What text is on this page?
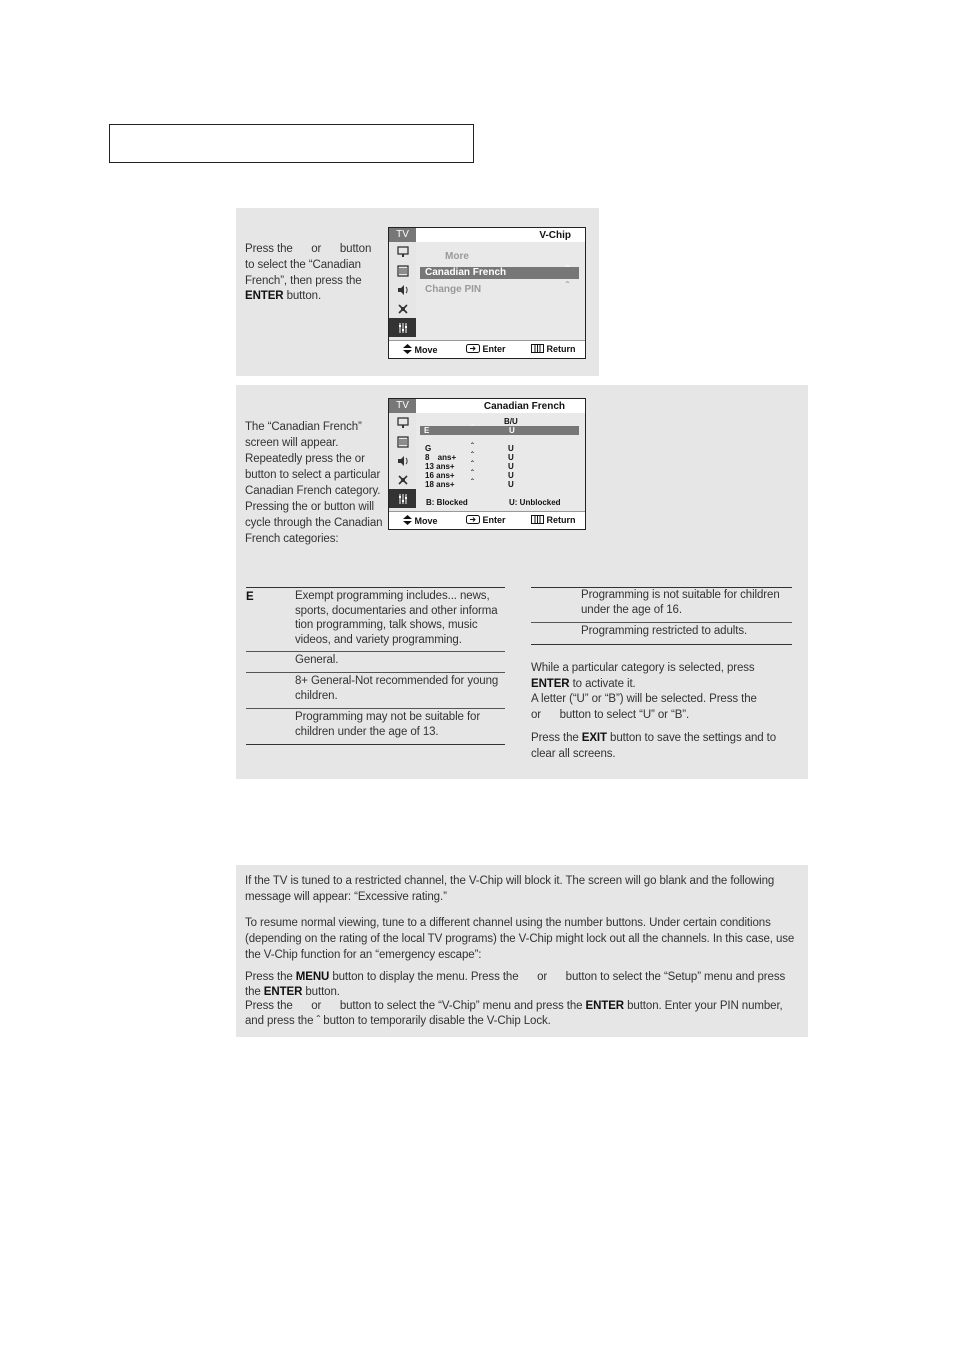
Press the or button to select the “Canadian French”, then press the ENTER button.
TV	V-Chip
More
Canadian French	ˆ
Change PIN	ˆ
Move	Enter	Return
The “Canadian French” screen will appear. Repeatedly press the or button to select a particular Canadian French category. Pressing the or button will cycle through the Canadian French categories:
TV	Canadian French
B/U
E	ˆ	U
G	ˆ	U
8 ans+ ˆ	U
13 ans+ ˆ	U
16 ans+ ˆ	U
18 ans+ ˆ	U
B: Blocked	U: Unblocked
Move	Enter	Return
E	Exempt programming includes... news, sports, documentaries and other informa tion programming, talk shows, music videos, and variety programming.
General.
8+ General-Not recommended for young children.
Programming may not be suitable for children under the age of 13.
Programming is not suitable for children under the age of 16.
Programming restricted to adults.
While a particular category is selected, press
ENTER to activate it.
A letter (“U” or “B”) will be selected. Press the
or      button to select “U” or “B”.
Press the EXIT button to save the settings and to clear all screens.
If the TV is tuned to a restricted channel, the V-Chip will block it. The screen will go blank and the following message will appear: “Excessive rating.”
To resume normal viewing, tune to a different channel using the number buttons. Under certain conditions (depending on the rating of the local TV programs) the V-Chip might lock out all the channels. In this case, use the V-Chip function for an “emergency escape”:
Press the MENU button to display the menu. Press the      or      button to select the “Setup” menu and press the ENTER button.
Press the      or      button to select the “V-Chip” menu and press the ENTER button. Enter your PIN number, and press the ˆ button to temporarily disable the V-Chip Lock.
